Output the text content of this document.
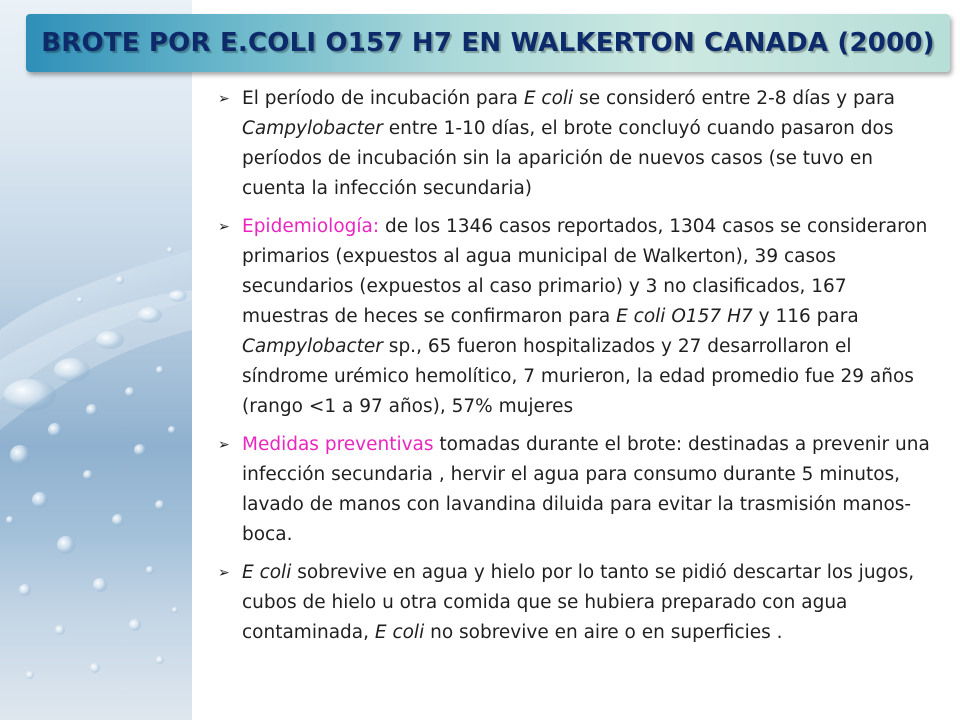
BROTE POR E.COLI O157 H7 EN WALKERTON CANADA (2000)
➢ El período de incubación para E coli se consideró entre 2-8 días y para Campylobacter entre 1-10 días, el brote concluyó cuando pasaron dos períodos de incubación sin la aparición de nuevos casos (se tuvo en cuenta la infección secundaria)
➢ Epidemiología: de los 1346 casos reportados, 1304 casos se consideraron primarios (expuestos al agua municipal de Walkerton), 39 casos secundarios (expuestos al caso primario) y 3 no clasificados, 167 muestras de heces se confirmaron para E coli O157 H7 y 116 para Campylobacter sp., 65 fueron hospitalizados y 27 desarrollaron el síndrome urémico hemolítico, 7 murieron, la edad promedio fue 29 años (rango <1 a 97 años), 57% mujeres
➢ Medidas preventivas tomadas durante el brote: destinadas a prevenir una infección secundaria , hervir el agua para consumo durante 5 minutos, lavado de manos con lavandina diluida para evitar la trasmisión manos-boca.
➢ E coli sobrevive en agua y hielo por lo tanto se pidió descartar los jugos, cubos de hielo u otra comida que se hubiera preparado con agua contaminada, E coli no sobrevive en aire o en superficies .
